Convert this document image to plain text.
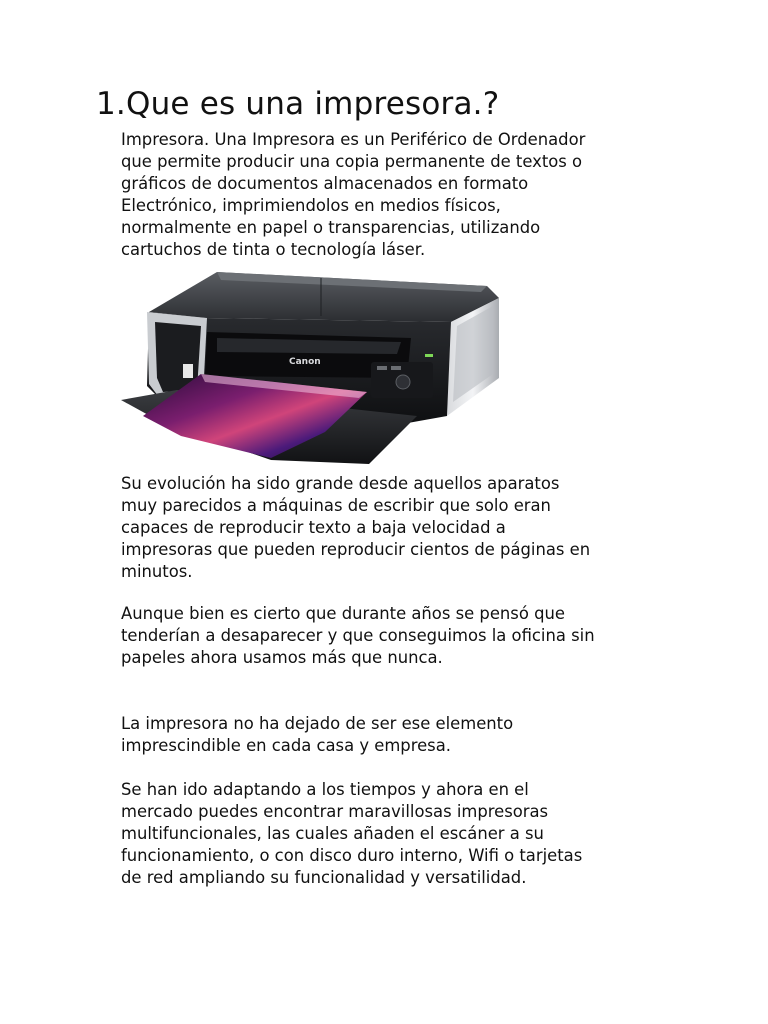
1.Que es una impresora.?

Impresora. Una Impresora es un Periférico de Ordenador
que permite producir una copia permanente de textos o
gráficos de documentos almacenados en formato
Electrónico, imprimiendolos en medios físicos,
normalmente en papel o transparencias, utilizando
cartuchos de tinta o tecnología láser.

Canon

Su evolución ha sido grande desde aquellos aparatos
muy parecidos a máquinas de escribir que solo eran
capaces de reproducir texto a baja velocidad a
impresoras que pueden reproducir cientos de páginas en
minutos.

Aunque bien es cierto que durante años se pensó que
tenderían a desaparecer y que conseguimos la oficina sin
papeles ahora usamos más que nunca.

La impresora no ha dejado de ser ese elemento
imprescindible en cada casa y empresa.

Se han ido adaptando a los tiempos y ahora en el
mercado puedes encontrar maravillosas impresoras
multifuncionales, las cuales añaden el escáner a su
funcionamiento, o con disco duro interno, Wifi o tarjetas
de red ampliando su funcionalidad y versatilidad.
